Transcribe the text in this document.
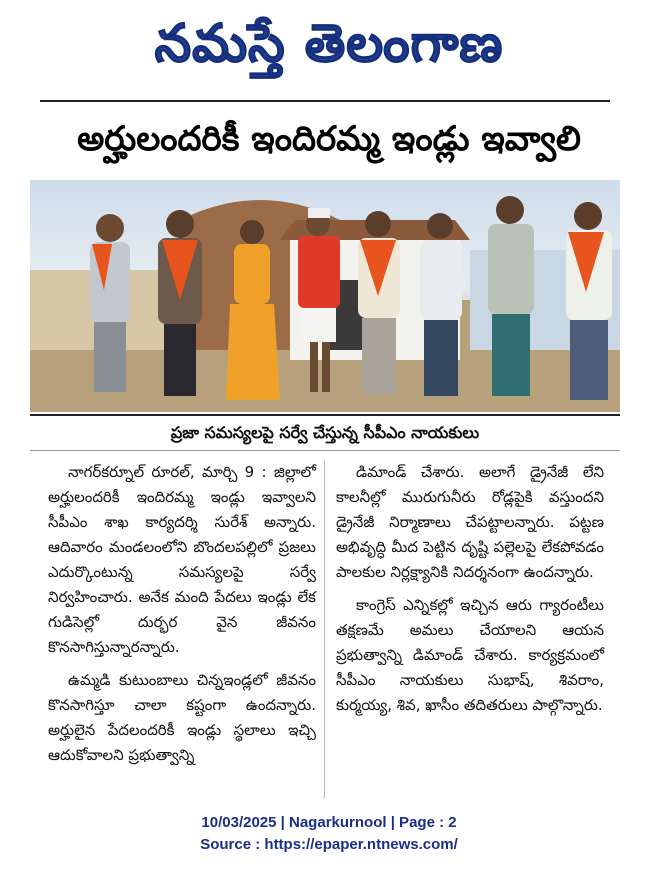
నమస్తే తెలంగాణ
అర్హులందరికీ ఇందిరమ్మ ఇండ్లు ఇవ్వాలి
ప్రజా సమస్యలపై సర్వే చేస్తున్న సీపీఎం నాయకులు

నాగర్‌కర్నూల్ రూరల్, మార్చి 9 : జిల్లాలో అర్హులందరికీ ఇందిరమ్మ ఇండ్లు ఇవ్వాలని సీపీఎం శాఖ కార్యదర్శి సురేశ్ అన్నారు. ఆదివారం మండలంలోని బొందలపల్లిలో ప్రజలు ఎదుర్కొంటున్న సమస్యలపై సర్వే నిర్వహించారు. అనేక మంది పేదలు ఇండ్లు లేక గుడిసెల్లో దుర్భర వైన జీవనం కొనసాగిస్తున్నారన్నారు.

ఉమ్మడి కుటుంబాలు చిన్నఇండ్లలో జీవనం కొనసాగిస్తూ చాలా కష్టంగా ఉందన్నారు. అర్హులైన పేదలందరికీ ఇండ్లు స్థలాలు ఇచ్చి ఆదుకోవాలని ప్రభుత్వాన్ని

డిమాండ్ చేశారు. అలాగే డ్రైనేజీ లేని కాలనీల్లో మురుగునీరు రోడ్లపైకి వస్తుందని డ్రైనేజీ నిర్మాణాలు చేపట్టాలన్నారు. పట్టణ అభివృద్ధి మీద పెట్టిన దృష్టి పల్లెలపై లేకపోవడం పాలకుల నిర్లక్ష్యానికి నిదర్శనంగా ఉందన్నారు.

కాంగ్రెస్ ఎన్నికల్లో ఇచ్చిన ఆరు గ్యారంటీలు తక్షణమే అమలు చేయాలని ఆయన ప్రభుత్వాన్ని డిమాండ్ చేశారు. కార్యక్రమంలో సీపీఎం నాయకులు సుభాష్, శివరాం, కుర్మయ్య, శివ, ఖాసీం తదితరులు పాల్గొన్నారు.

10/03/2025 | Nagarkurnool | Page : 2
Source : https://epaper.ntnews.com/
